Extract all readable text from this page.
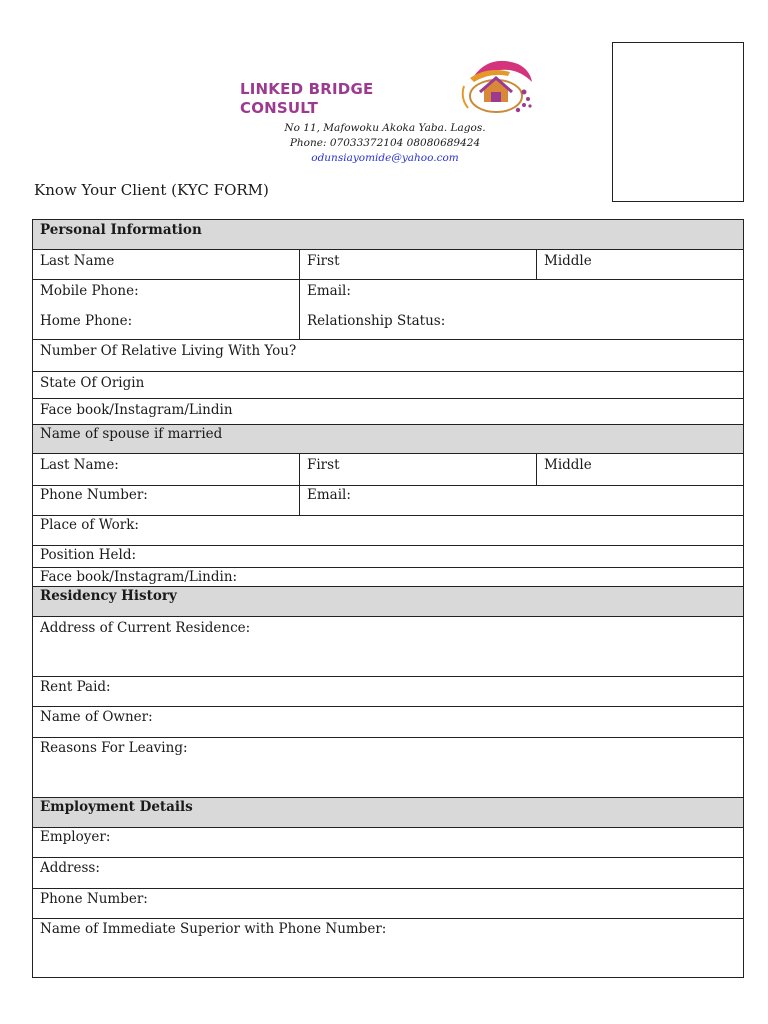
LINKED BRIDGE
CONSULT
No 11, Mafowoku Akoka Yaba. Lagos.
Phone: 07033372104 08080689424
odunsiayomide@yahoo.com
Know Your Client (KYC FORM)
Personal Information
Last Name	First	Middle
Mobile Phone:
Home Phone:
Email:
Relationship Status:
Number Of Relative Living With You?
State Of Origin
Face book/Instagram/Lindin
Name of spouse if married
Last Name:	First	Middle
Phone Number:	Email:
Place of Work:
Position Held:
Face book/Instagram/Lindin:
Residency History
Address of Current Residence:
Rent Paid:
Name of Owner:
Reasons For Leaving:
Employment Details
Employer:
Address:
Phone Number:
Name of Immediate Superior with Phone Number:
